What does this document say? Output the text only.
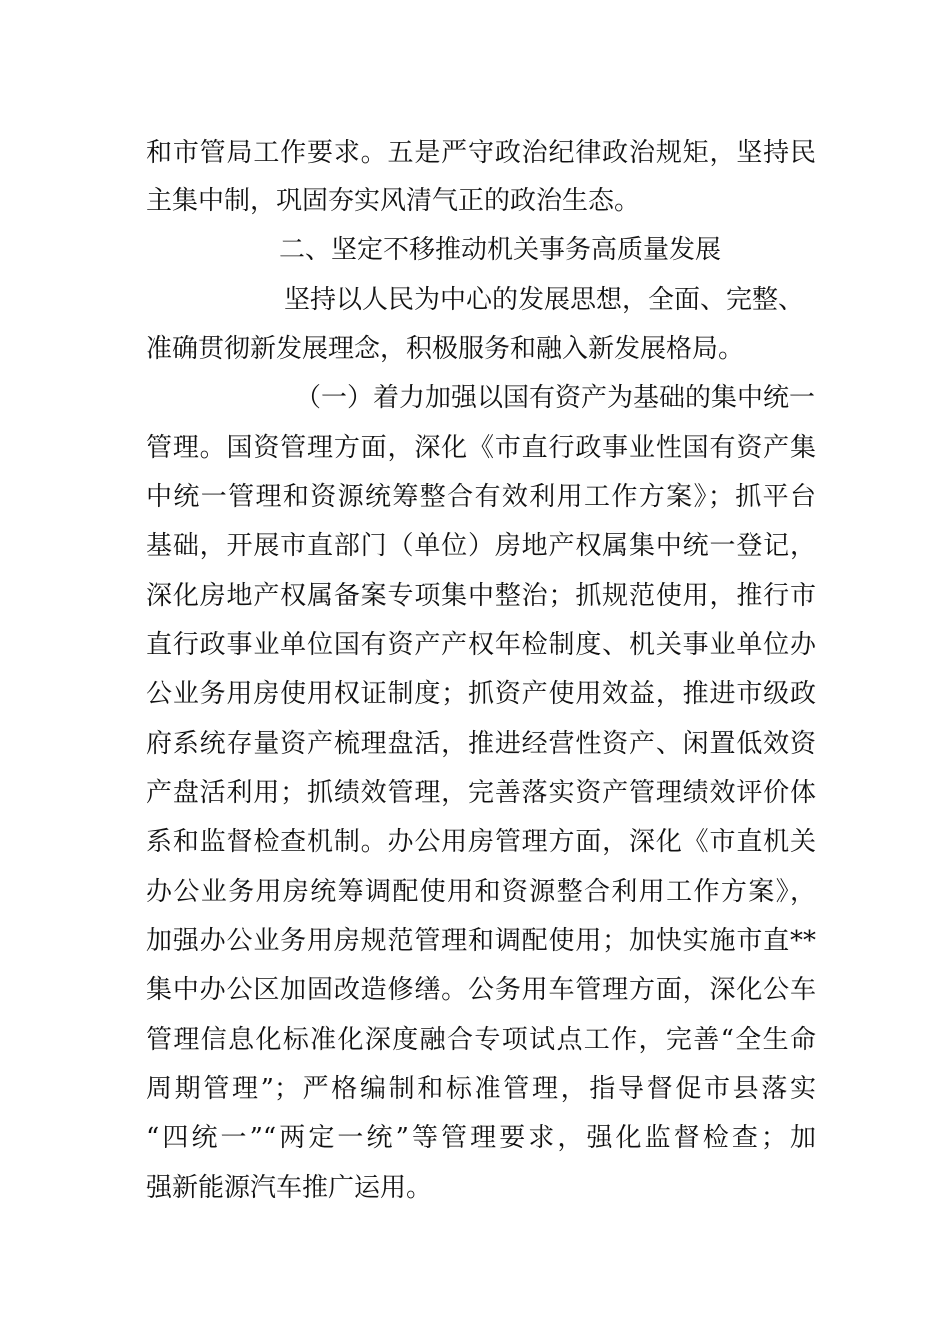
和市管局工作要求。五是严守政治纪律政治规矩，坚持民
主集中制，巩固夯实风清气正的政治生态。
二、坚定不移推动机关事务高质量发展
坚持以人民为中心的发展思想，全面、完整、
准确贯彻新发展理念，积极服务和融入新发展格局。
（一）着力加强以国有资产为基础的集中统一
管理。国资管理方面，深化《市直行政事业性国有资产集
中统一管理和资源统筹整合有效利用工作方案》；抓平台
基础，开展市直部门（单位）房地产权属集中统一登记，
深化房地产权属备案专项集中整治；抓规范使用，推行市
直行政事业单位国有资产产权年检制度、机关事业单位办
公业务用房使用权证制度；抓资产使用效益，推进市级政
府系统存量资产梳理盘活，推进经营性资产、闲置低效资
产盘活利用；抓绩效管理，完善落实资产管理绩效评价体
系和监督检查机制。办公用房管理方面，深化《市直机关
办公业务用房统筹调配使用和资源整合利用工作方案》，
加强办公业务用房规范管理和调配使用；加快实施市直**
集中办公区加固改造修缮。公务用车管理方面，深化公车
管理信息化标准化深度融合专项试点工作，完善“全生命
周期管理”；严格编制和标准管理，指导督促市县落实
“四统一”“两定一统”等管理要求，强化监督检查；加
强新能源汽车推广运用。
